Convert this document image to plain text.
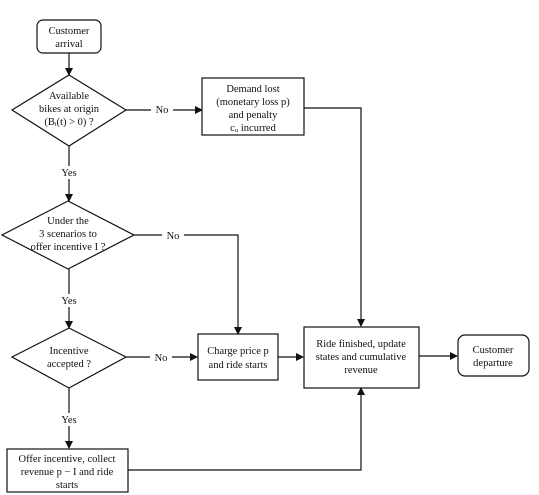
No
Yes
No
Yes
No
Yes
Customer
arrival
Available
bikes at origin
(Bᵢ(t) > 0) ?
Demand lost
(monetary loss p)
and penalty
cᵤ incurred
Under the
3 scenarios to
offer incentive I ?
Incentive
accepted ?
Charge price p
and ride starts
Ride finished, update
states and cumulative
revenue
Customer
departure
Offer incentive, collect
revenue p − I and ride
starts
